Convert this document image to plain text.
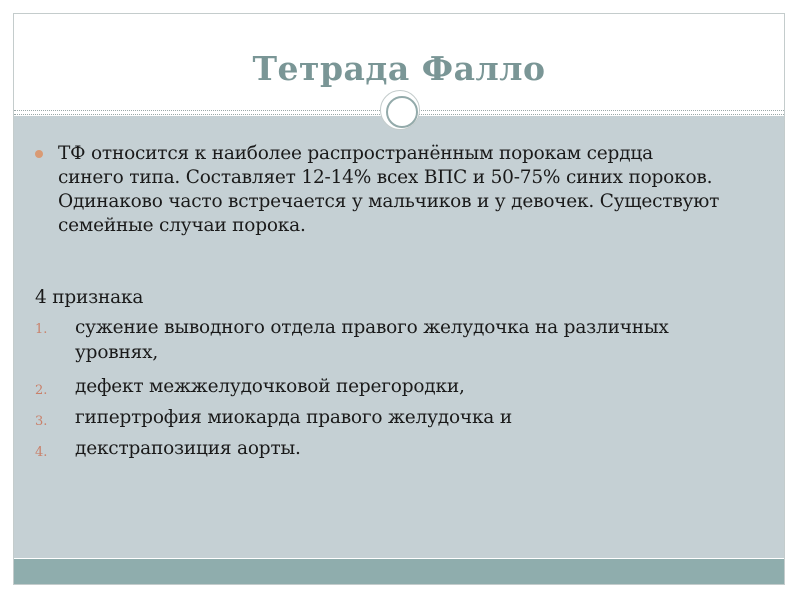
Тетрада Фалло

ТФ относится к наиболее распространённым порокам сердца
синего типа. Составляет 12-14% всех ВПС и 50-75% синих пороков.
Одинаково часто встречается у мальчиков и у девочек. Существуют
семейные случаи порока.

4 признака
1. сужение выводного отдела правого желудочка на различных
уровнях,
2. дефект межжелудочковой перегородки,
3. гипертрофия миокарда правого желудочка и
4. декстрапозиция аорты.
